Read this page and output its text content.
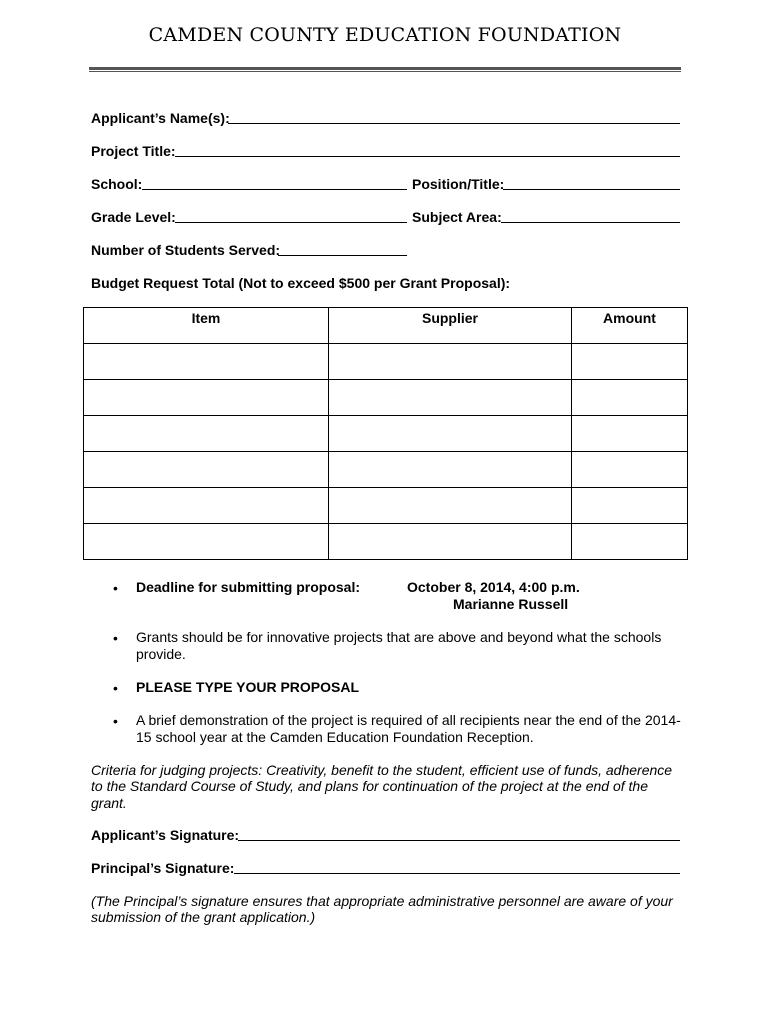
CAMDEN COUNTY EDUCATION FOUNDATION
Applicant’s Name(s):
Project Title:
School:	Position/Title:
Grade Level:	Subject Area:
Number of Students Served:
Budget Request Total (Not to exceed $500 per Grant Proposal):
Item	Supplier	Amount

• Deadline for submitting proposal:	October 8, 2014, 4:00 p.m.
Marianne Russell
• Grants should be for innovative projects that are above and beyond what the schools
provide.
• PLEASE TYPE YOUR PROPOSAL
• A brief demonstration of the project is required of all recipients near the end of the 2014-
15 school year at the Camden Education Foundation Reception.
Criteria for judging projects: Creativity, benefit to the student, efficient use of funds, adherence
to the Standard Course of Study, and plans for continuation of the project at the end of the
grant.
Applicant’s Signature:
Principal’s Signature:
(The Principal’s signature ensures that appropriate administrative personnel are aware of your
submission of the grant application.)
